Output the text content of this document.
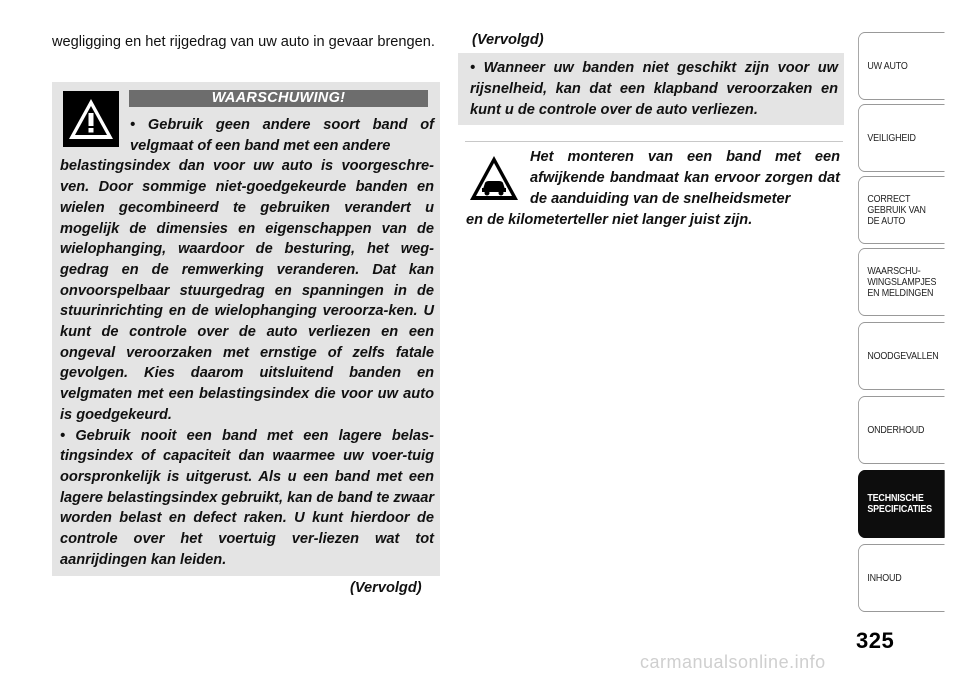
wegligging en het rijgedrag van uw auto in gevaar brengen.

WAARSCHUWING!

• Gebruik geen andere soort band of velgmaat of een band met een andere

belastingsindex dan voor uw auto is voorgeschre-ven. Door sommige niet-goedgekeurde banden en wielen gecombineerd te gebruiken verandert u mogelijk de dimensies en eigenschappen van de wielophanging, waardoor de besturing, het weg-gedrag en de remwerking veranderen. Dat kan onvoorspelbaar stuurgedrag en spanningen in de stuurinrichting en de wielophanging veroorza-ken. U kunt de controle over de auto verliezen en een ongeval veroorzaken met ernstige of zelfs fatale gevolgen. Kies daarom uitsluitend banden en velgmaten met een belastingsindex die voor uw auto is goedgekeurd.

• Gebruik nooit een band met een lagere belas-tingsindex of capaciteit dan waarmee uw voer-tuig oorspronkelijk is uitgerust. Als u een band met een lagere belastingsindex gebruikt, kan de band te zwaar worden belast en defect raken. U kunt hierdoor de controle over het voertuig ver-liezen wat tot aanrijdingen kan leiden.

(Vervolgd)
(Vervolgd)

• Wanneer uw banden niet geschikt zijn voor uw rijsnelheid, kan dat een klapband veroorzaken en kunt u de controle over de auto verliezen.

Het monteren van een band met een afwijkende bandmaat kan ervoor zorgen dat de aanduiding van de snelheidsmeter
en de kilometerteller niet langer juist zijn.
UW AUTO
VEILIGHEID
CORRECT
GEBRUIK VAN
DE AUTO
WAARSCHU-
WINGSLAMPJES
EN MELDINGEN
NOODGEVALLEN
ONDERHOUD
TECHNISCHE
SPECIFICATIES
INHOUD
325
carmanualsonline.info
